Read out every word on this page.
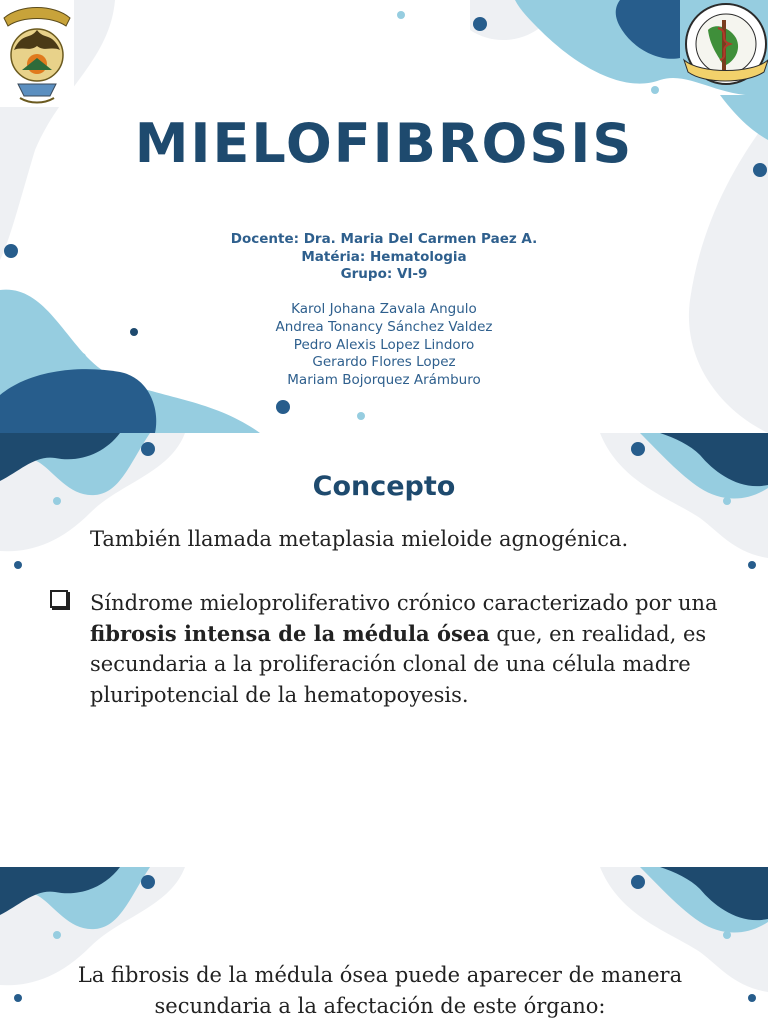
MIELOFIBROSIS
Docente: Dra. Maria Del Carmen Paez A.
Matéria: Hematologia
Grupo: VI-9
Karol Johana Zavala Angulo
Andrea Tonancy Sánchez Valdez
Pedro Alexis Lopez Lindoro
Gerardo Flores Lopez
Mariam Bojorquez Arámburo
Concepto

También llamada metaplasia mieloide agnogénica.

Síndrome mieloproliferativo crónico caracterizado por una fibrosis intensa de la médula ósea que, en realidad, es secundaria a la proliferación clonal de una célula madre pluripotencial de la hematopoyesis.

La fibrosis de la médula ósea puede aparecer de manera secundaria a la afectación de este órgano:
